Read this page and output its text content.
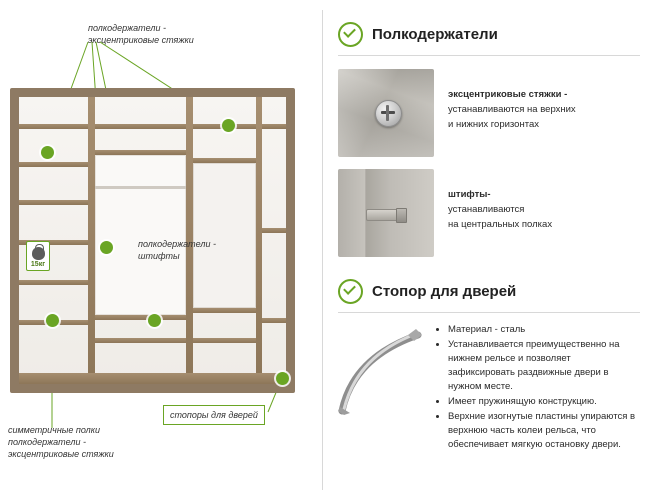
полкодержатели -
эксцентриковые стяжки
15кг
полкодержатели -
штифты
стопоры для дверей
симметричные полки
полкодержатели -
эксцентриковые стяжки
Полкодержатели
эксцентриковые стяжки -
устанавливаются на верхних
и нижних горизонтах
штифты-
устанавливаются
на центральных полках
Стопор для дверей
• Материал - сталь
• Устанавливается преимущественно на нижнем рельсе и позволяет зафиксировать раздвижные двери в нужном месте.
• Имеет пружинящую конструкцию.
• Верхние изогнутые пластины упираются в верхнюю часть колеи рельса, что обеспечивает мягкую остановку двери.
